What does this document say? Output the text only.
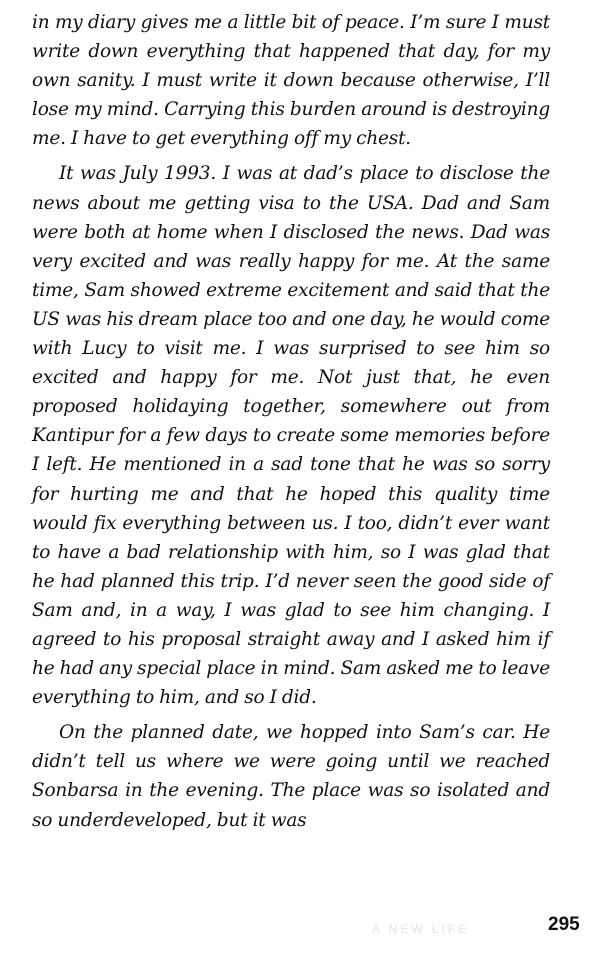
in my diary gives me a little bit of peace. I’m sure I must write down everything that happened that day, for my own sanity. I must write it down because otherwise, I’ll lose my mind. Carrying this burden around is destroying me. I have to get everything off my chest.

It was July 1993. I was at dad’s place to disclose the news about me getting visa to the USA. Dad and Sam were both at home when I disclosed the news. Dad was very excited and was really happy for me. At the same time, Sam showed extreme excitement and said that the US was his dream place too and one day, he would come with Lucy to visit me. I was surprised to see him so excited and happy for me. Not just that, he even proposed holidaying together, somewhere out from Kantipur for a few days to create some memories before I left. He mentioned in a sad tone that he was so sorry for hurting me and that he hoped this quality time would fix everything between us. I too, didn’t ever want to have a bad relationship with him, so I was glad that he had planned this trip. I’d never seen the good side of Sam and, in a way, I was glad to see him changing. I agreed to his proposal straight away and I asked him if he had any special place in mind. Sam asked me to leave everything to him, and so I did.

On the planned date, we hopped into Sam’s car. He didn’t tell us where we were going until we reached Sonbarsa in the evening. The place was so isolated and so underdeveloped, but it was

A NEW LIFE	295
